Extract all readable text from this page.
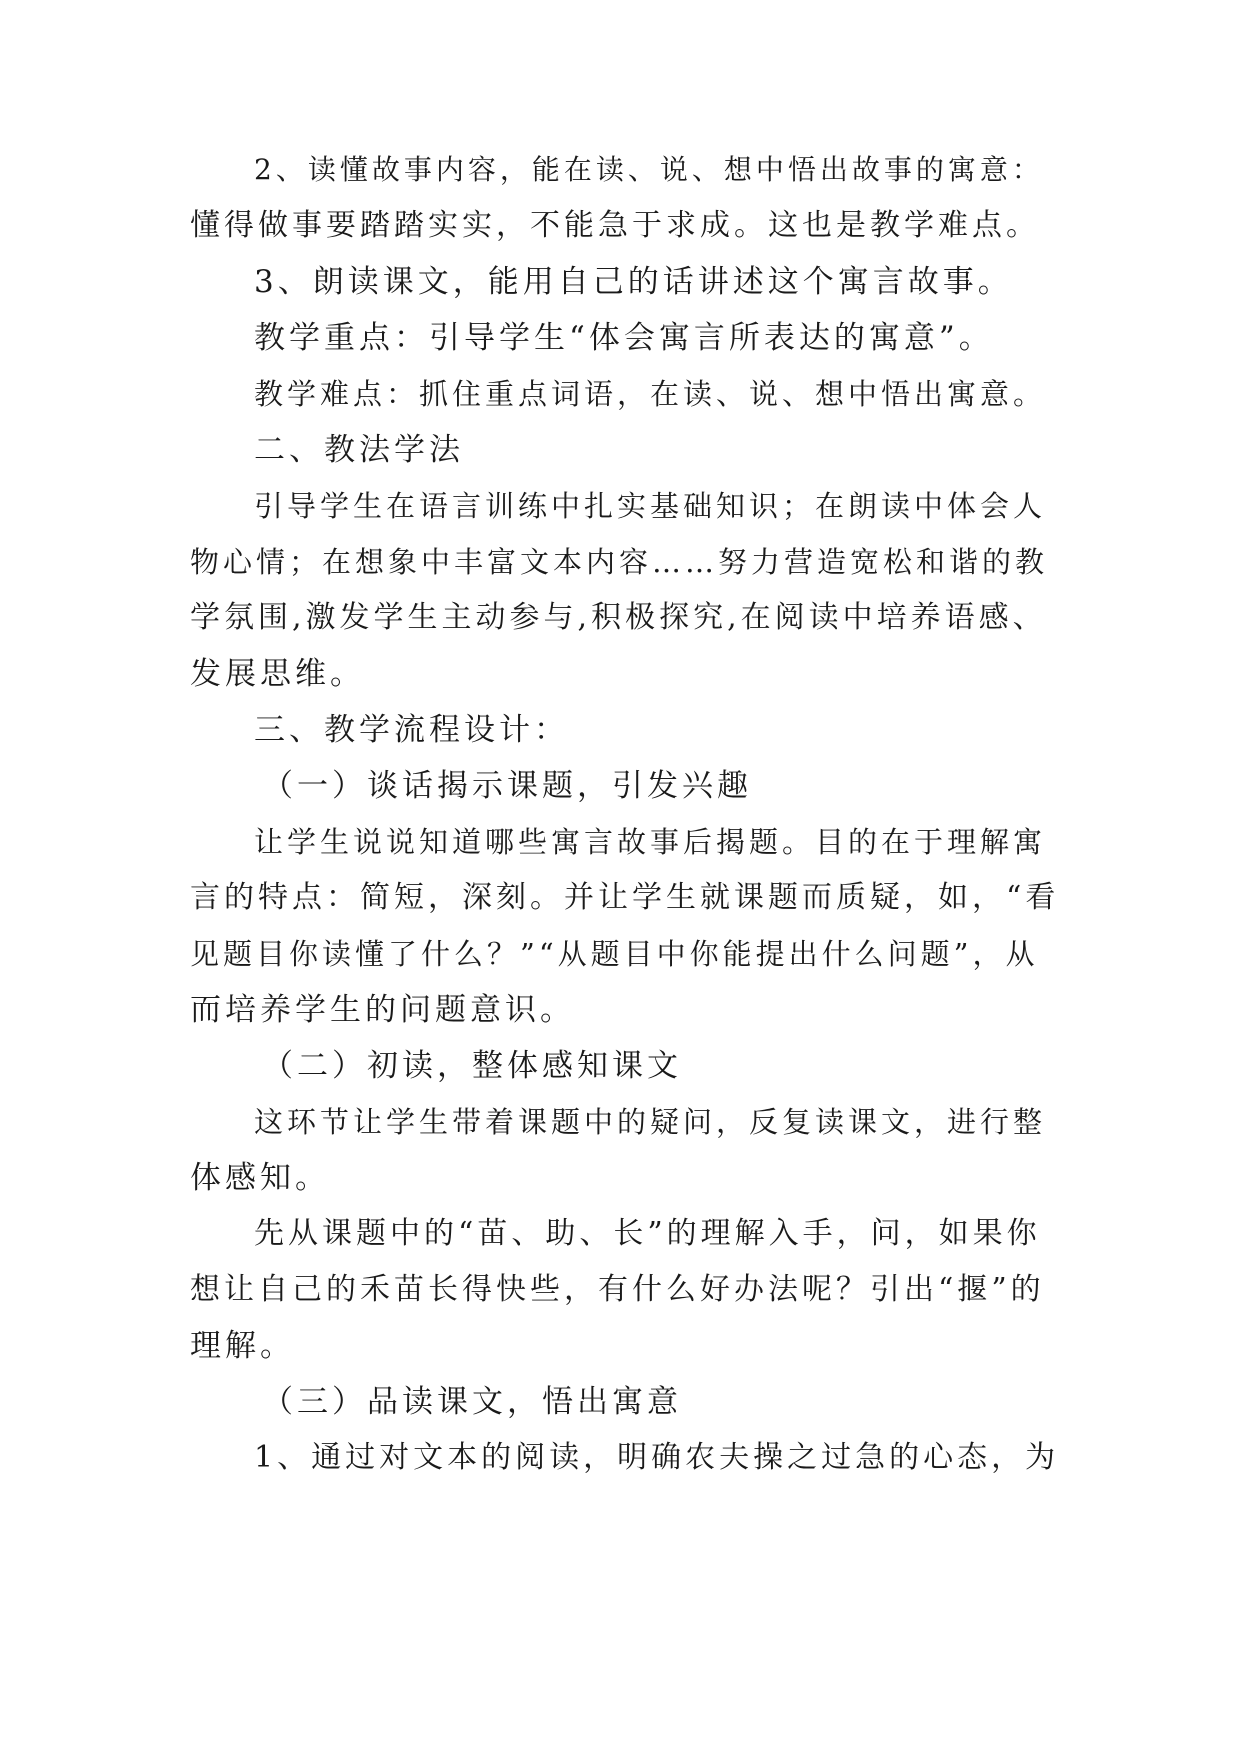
2、读懂故事内容，能在读、说、想中悟出故事的寓意：

懂得做事要踏踏实实，不能急于求成。这也是教学难点。

3、朗读课文，能用自己的话讲述这个寓言故事。

教学重点：引导学生“体会寓言所表达的寓意”。

教学难点：抓住重点词语，在读、说、想中悟出寓意。

二、教法学法

引导学生在语言训练中扎实基础知识；在朗读中体会人

物心情；在想象中丰富文本内容……努力营造宽松和谐的教

学氛围,激发学生主动参与,积极探究,在阅读中培养语感、

发展思维。

三、教学流程设计：

（一）谈话揭示课题，引发兴趣

让学生说说知道哪些寓言故事后揭题。目的在于理解寓

言的特点：简短，深刻。并让学生就课题而质疑，如，“看

见题目你读懂了什么？”“从题目中你能提出什么问题”，从

而培养学生的问题意识。

（二）初读，整体感知课文

这环节让学生带着课题中的疑问，反复读课文，进行整

体感知。

先从课题中的“苗、助、长”的理解入手，问，如果你

想让自己的禾苗长得快些，有什么好办法呢？引出“揠”的

理解。

（三）品读课文，悟出寓意

1、通过对文本的阅读，明确农夫操之过急的心态，为
